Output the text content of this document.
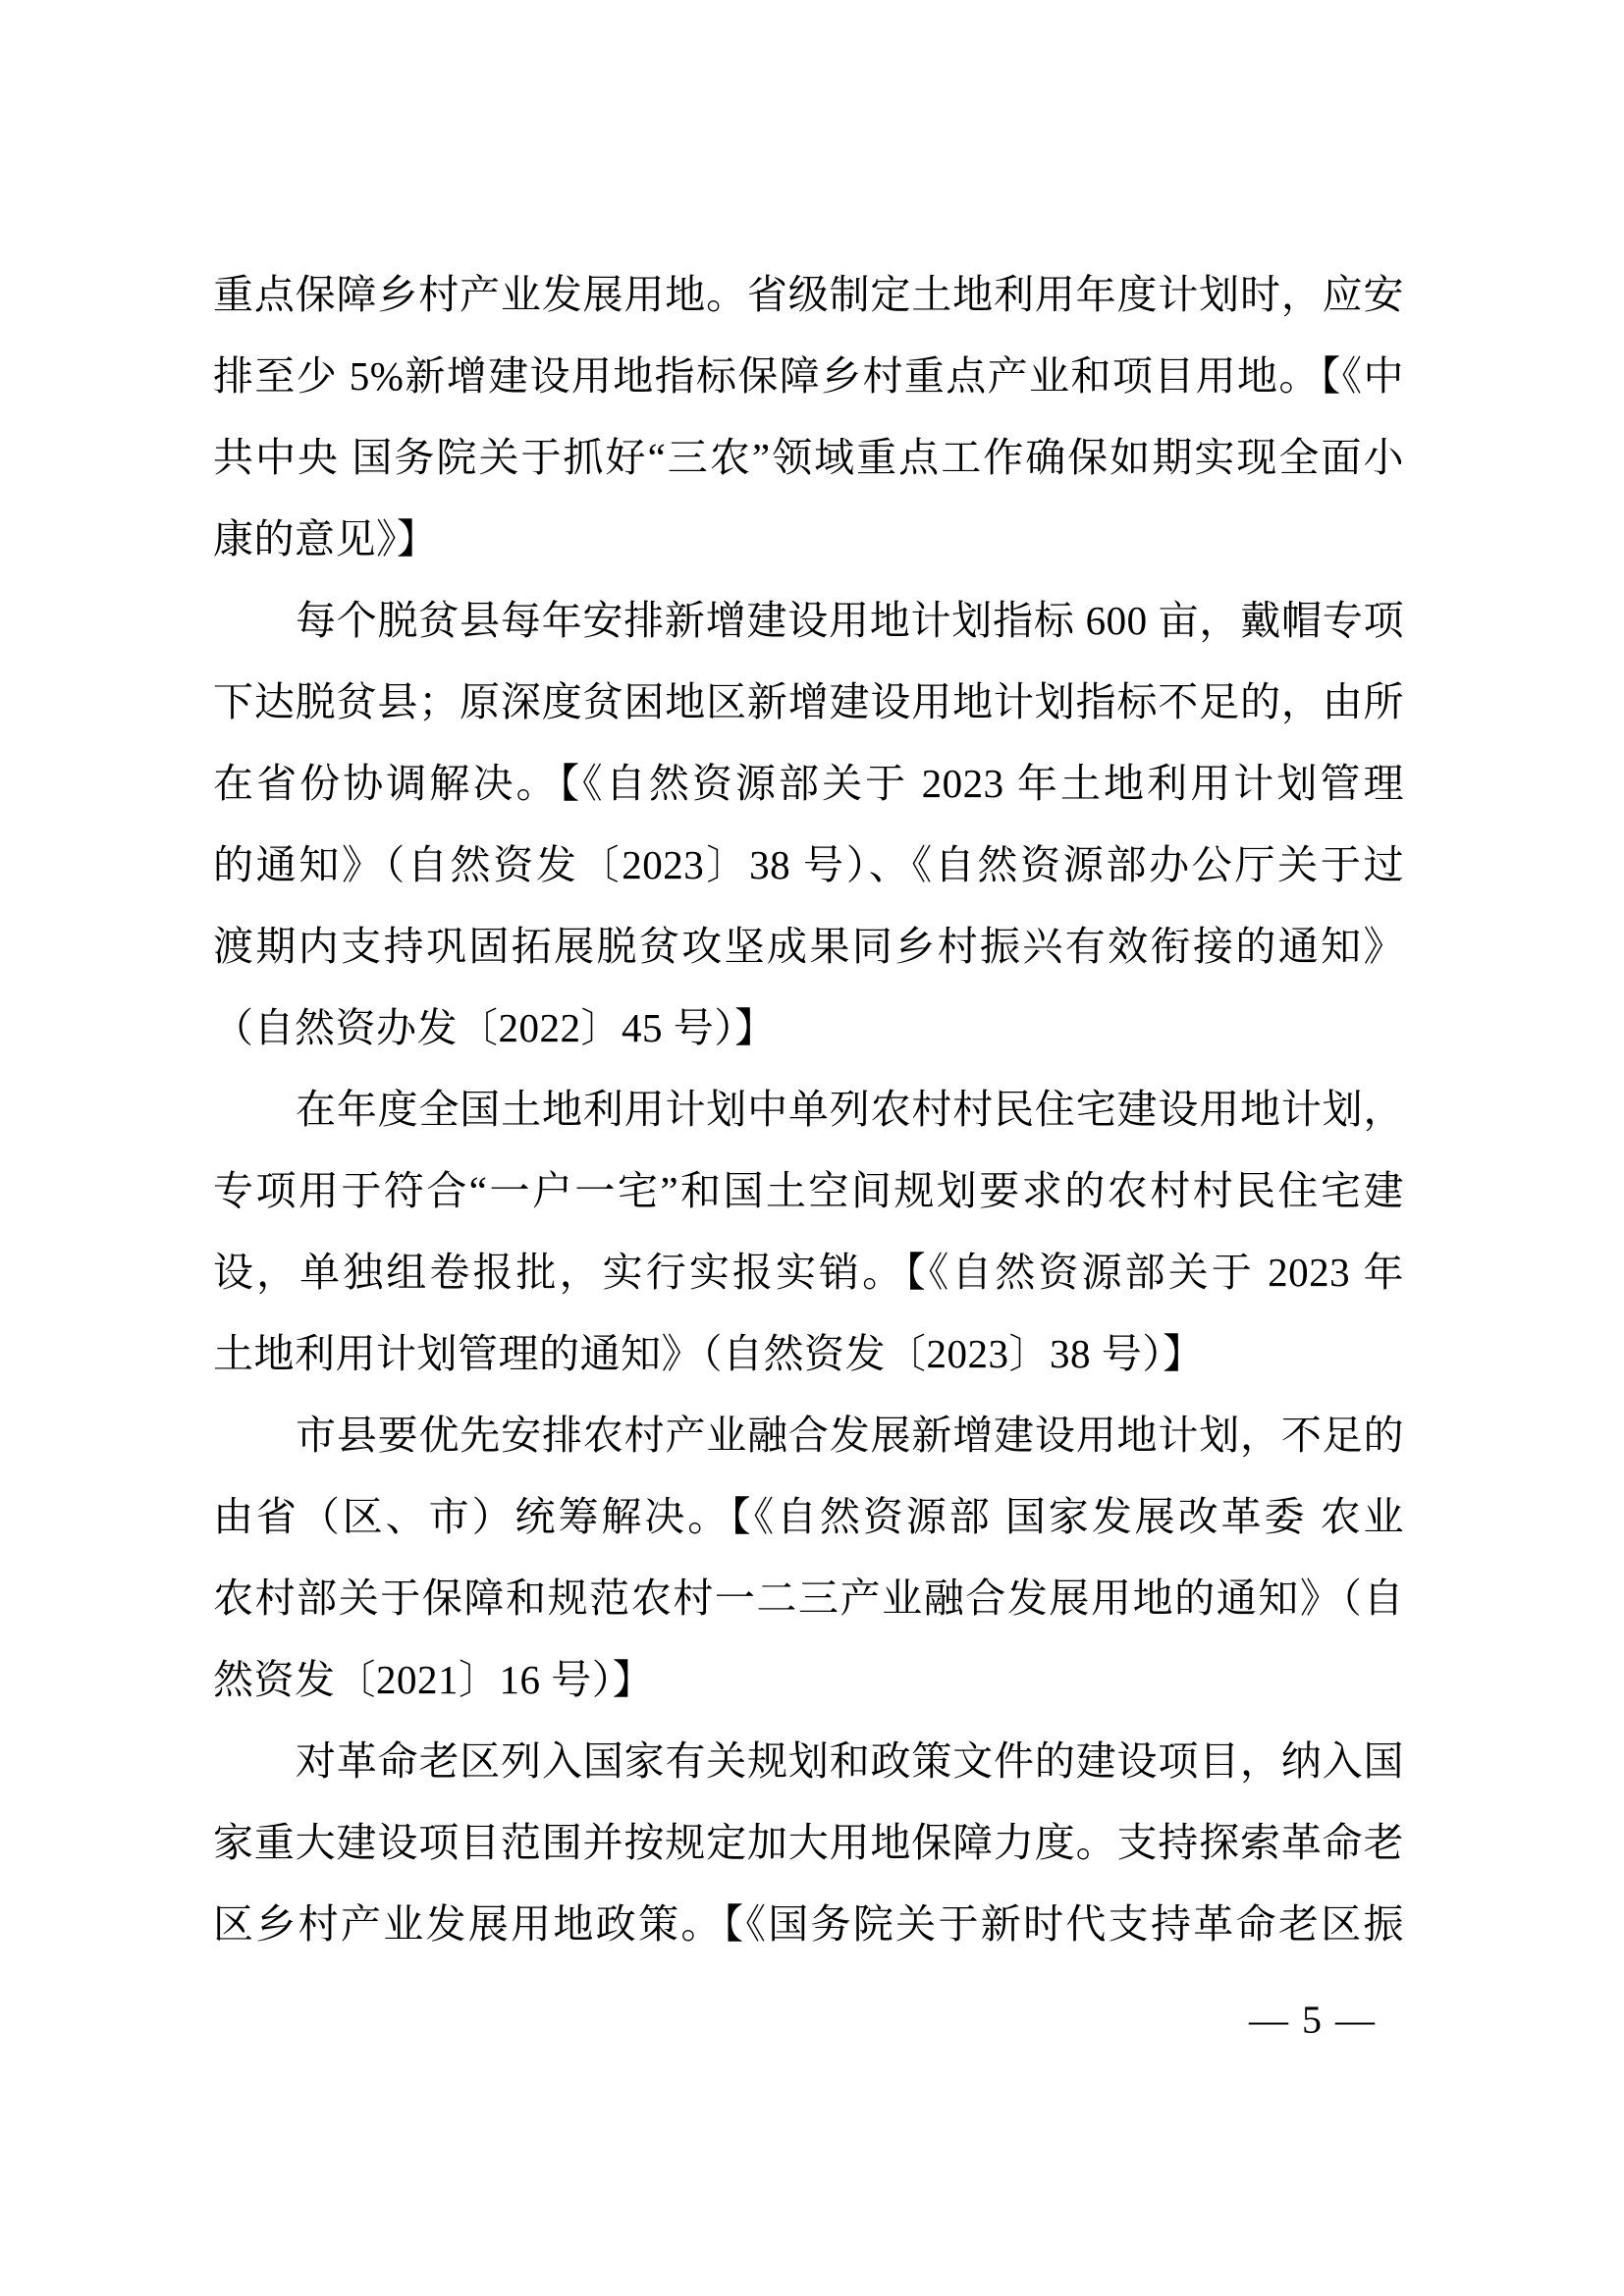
重点保障乡村产业发展用地。省级制定土地利用年度计划时，应安
排至少 5%新增建设用地指标保障乡村重点产业和项目用地。【《中
共中央 国务院关于抓好“三农”领域重点工作确保如期实现全面小
康的意见》】
每个脱贫县每年安排新增建设用地计划指标 600 亩，戴帽专项
下达脱贫县；原深度贫困地区新增建设用地计划指标不足的，由所
在省份协调解决。【《自然资源部关于 2023 年土地利用计划管理
的通知》（自然资发〔2023〕38 号）、《自然资源部办公厅关于过
渡期内支持巩固拓展脱贫攻坚成果同乡村振兴有效衔接的通知》
（自然资办发〔2022〕45 号）】
在年度全国土地利用计划中单列农村村民住宅建设用地计划，
专项用于符合“一户一宅”和国土空间规划要求的农村村民住宅建
设，单独组卷报批，实行实报实销。【《自然资源部关于 2023 年
土地利用计划管理的通知》（自然资发〔2023〕38 号）】
市县要优先安排农村产业融合发展新增建设用地计划，不足的
由省（区、市）统筹解决。【《自然资源部 国家发展改革委 农业
农村部关于保障和规范农村一二三产业融合发展用地的通知》（自
然资发〔2021〕16 号）】
对革命老区列入国家有关规划和政策文件的建设项目，纳入国
家重大建设项目范围并按规定加大用地保障力度。支持探索革命老
区乡村产业发展用地政策。【《国务院关于新时代支持革命老区振
— 5 —
